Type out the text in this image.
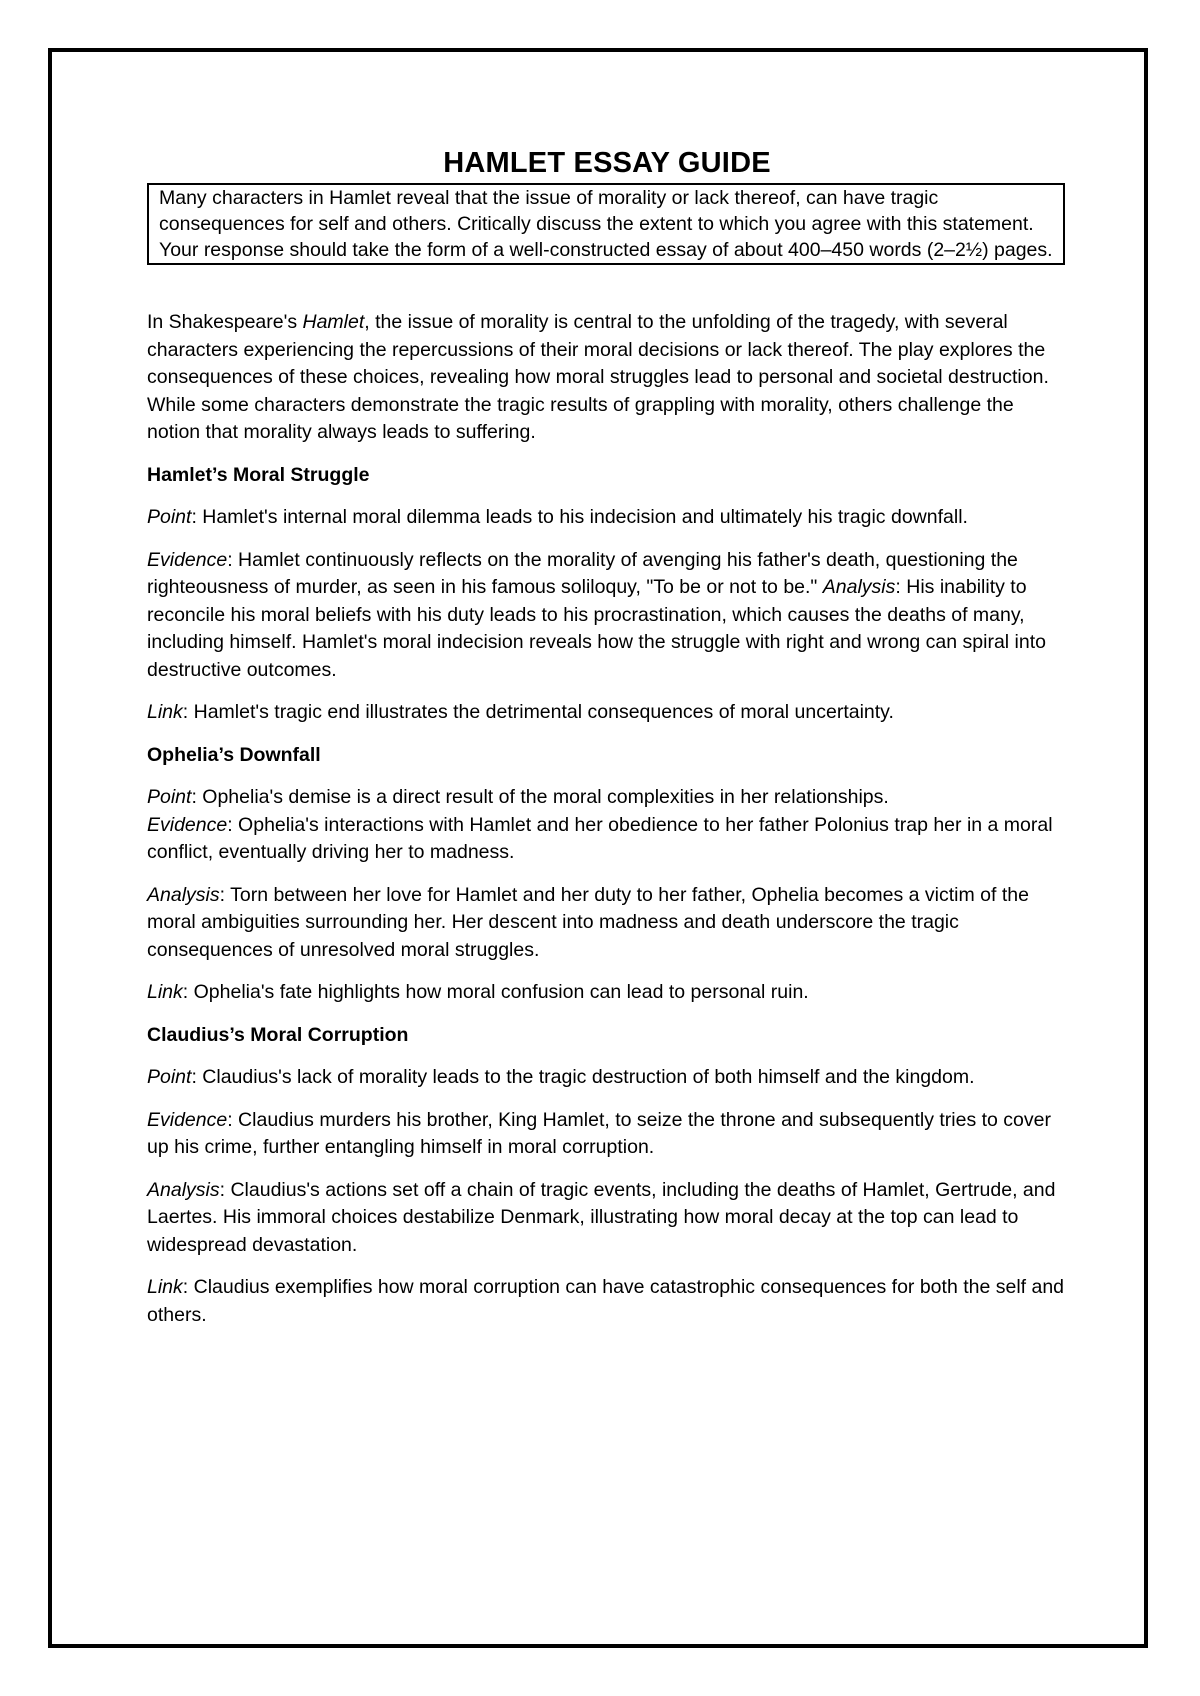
HAMLET ESSAY GUIDE

Many characters in Hamlet reveal that the issue of morality or lack thereof, can have tragic consequences for self and others. Critically discuss the extent to which you agree with this statement. Your response should take the form of a well-constructed essay of about 400–450 words (2–2½) pages.

In Shakespeare's Hamlet, the issue of morality is central to the unfolding of the tragedy, with several characters experiencing the repercussions of their moral decisions or lack thereof. The play explores the consequences of these choices, revealing how moral struggles lead to personal and societal destruction. While some characters demonstrate the tragic results of grappling with morality, others challenge the notion that morality always leads to suffering.

Hamlet’s Moral Struggle

Point: Hamlet's internal moral dilemma leads to his indecision and ultimately his tragic downfall.

Evidence: Hamlet continuously reflects on the morality of avenging his father's death, questioning the righteousness of murder, as seen in his famous soliloquy, "To be or not to be." Analysis: His inability to reconcile his moral beliefs with his duty leads to his procrastination, which causes the deaths of many, including himself. Hamlet's moral indecision reveals how the struggle with right and wrong can spiral into destructive outcomes.

Link: Hamlet's tragic end illustrates the detrimental consequences of moral uncertainty.

Ophelia’s Downfall

Point: Ophelia's demise is a direct result of the moral complexities in her relationships.

Evidence: Ophelia's interactions with Hamlet and her obedience to her father Polonius trap her in a moral conflict, eventually driving her to madness.

Analysis: Torn between her love for Hamlet and her duty to her father, Ophelia becomes a victim of the moral ambiguities surrounding her. Her descent into madness and death underscore the tragic consequences of unresolved moral struggles.

Link: Ophelia's fate highlights how moral confusion can lead to personal ruin.

Claudius’s Moral Corruption

Point: Claudius's lack of morality leads to the tragic destruction of both himself and the kingdom.

Evidence: Claudius murders his brother, King Hamlet, to seize the throne and subsequently tries to cover up his crime, further entangling himself in moral corruption.

Analysis: Claudius's actions set off a chain of tragic events, including the deaths of Hamlet, Gertrude, and Laertes. His immoral choices destabilize Denmark, illustrating how moral decay at the top can lead to widespread devastation.

Link: Claudius exemplifies how moral corruption can have catastrophic consequences for both the self and others.
